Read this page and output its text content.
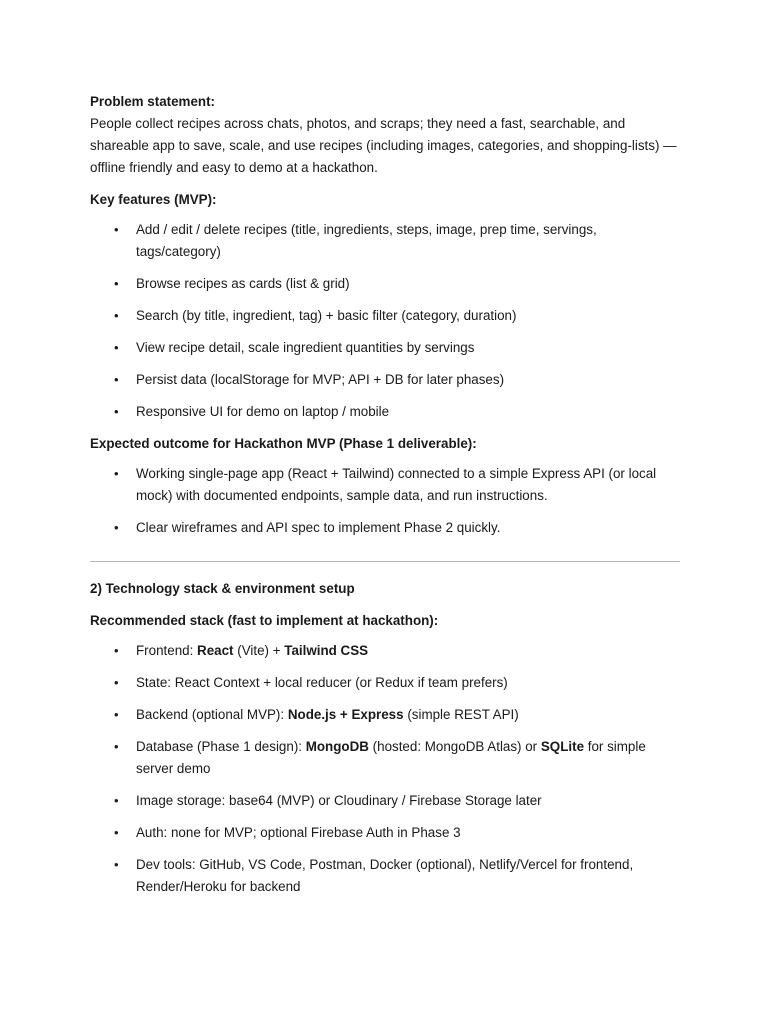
Problem statement:

People collect recipes across chats, photos, and scraps; they need a fast, searchable, and shareable app to save, scale, and use recipes (including images, categories, and shopping-lists) — offline friendly and easy to demo at a hackathon.

Key features (MVP):

• Add / edit / delete recipes (title, ingredients, steps, image, prep time, servings, tags/category)
• Browse recipes as cards (list & grid)
• Search (by title, ingredient, tag) + basic filter (category, duration)
• View recipe detail, scale ingredient quantities by servings
• Persist data (localStorage for MVP; API + DB for later phases)
• Responsive UI for demo on laptop / mobile

Expected outcome for Hackathon MVP (Phase 1 deliverable):

• Working single-page app (React + Tailwind) connected to a simple Express API (or local mock) with documented endpoints, sample data, and run instructions.
• Clear wireframes and API spec to implement Phase 2 quickly.

2) Technology stack & environment setup

Recommended stack (fast to implement at hackathon):

• Frontend: React (Vite) + Tailwind CSS
• State: React Context + local reducer (or Redux if team prefers)
• Backend (optional MVP): Node.js + Express (simple REST API)
• Database (Phase 1 design): MongoDB (hosted: MongoDB Atlas) or SQLite for simple server demo
• Image storage: base64 (MVP) or Cloudinary / Firebase Storage later
• Auth: none for MVP; optional Firebase Auth in Phase 3
• Dev tools: GitHub, VS Code, Postman, Docker (optional), Netlify/Vercel for frontend, Render/Heroku for backend
